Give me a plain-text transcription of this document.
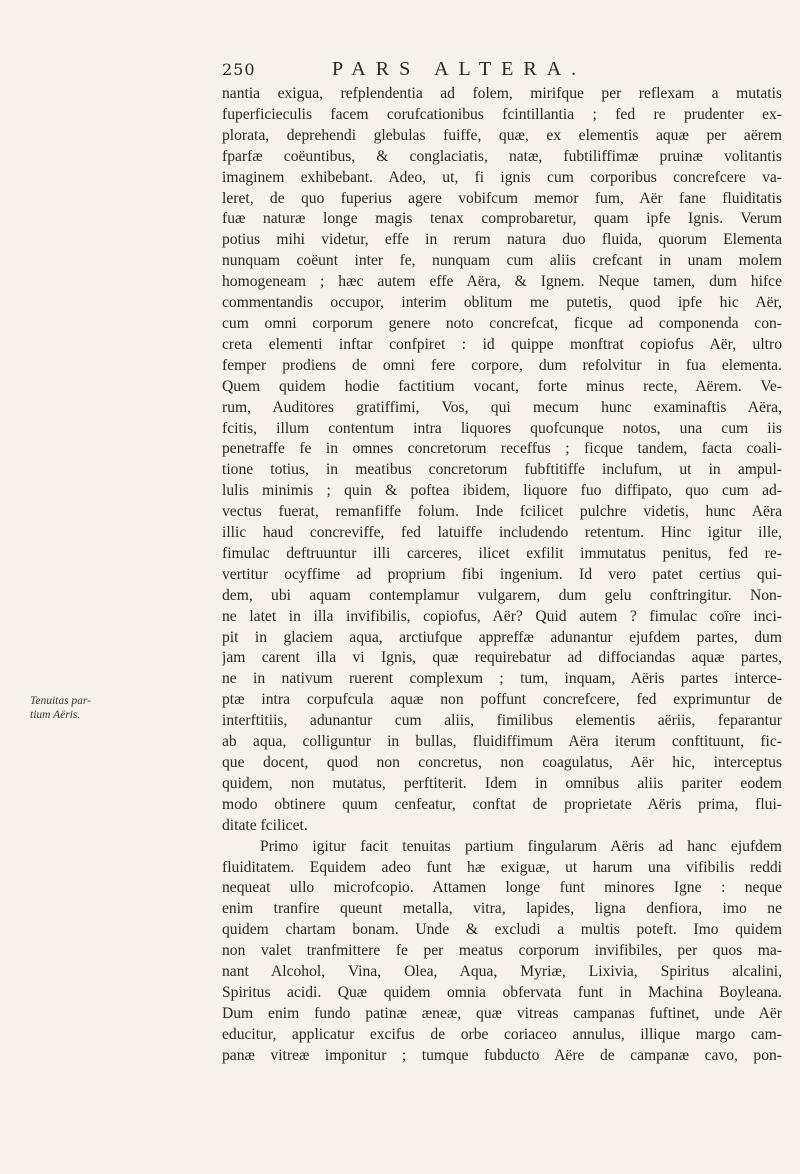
250	PARS ALTERA.
Tenuitas par-
tium Aëris.
nantia exigua, refplendentia ad folem, mirifque per reflexam a mutatis
fuperficieculis facem corufcationibus fcintillantia ; fed re prudenter ex-
plorata, deprehendi glebulas fuiffe, quæ, ex elementis aquæ per aërem
fparfæ coëuntibus, & conglaciatis, natæ, fubtiliffimæ pruinæ volitantis
imaginem exhibebant. Adeo, ut, fi ignis cum corporibus concrefcere va-
leret, de quo fuperius agere vobifcum memor fum, Aër fane fluiditatis
fuæ naturæ longe magis tenax comprobaretur, quam ipfe Ignis. Verum
potius mihi videtur, effe in rerum natura duo fluida, quorum Elementa
nunquam coëunt inter fe, nunquam cum aliis crefcant in unam molem
homogeneam ; hæc autem effe Aëra, & Ignem. Neque tamen, dum hifce
commentandis occupor, interim oblitum me putetis, quod ipfe hic Aër,
cum omni corporum genere noto concrefcat, ficque ad componenda con-
creta elementi inftar confpiret : id quippe monftrat copiofus Aër, ultro
femper prodiens de omni fere corpore, dum refolvitur in fua elementa.
Quem quidem hodie factitium vocant, forte minus recte, Aërem. Ve-
rum, Auditores gratiffimi, Vos, qui mecum hunc examinaftis Aëra,
fcitis, illum contentum intra liquores quofcunque notos, una cum iis
penetraffe fe in omnes concretorum receffus ; ficque tandem, facta coali-
tione totius, in meatibus concretorum fubftitiffe inclufum, ut in ampul-
lulis minimis ; quin & poftea ibidem, liquore fuo diffipato, quo cum ad-
vectus fuerat, remanfiffe folum. Inde fcilicet pulchre videtis, hunc Aëra
illic haud concreviffe, fed latuiffe includendo retentum. Hinc igitur ille,
fimulac deftruuntur illi carceres, ilicet exfilit immutatus penitus, fed re-
vertitur ocyffime ad proprium fibi ingenium. Id vero patet certius qui-
dem, ubi aquam contemplamur vulgarem, dum gelu conftringitur. Non-
ne latet in illa invifibilis, copiofus, Aër? Quid autem ? fimulac coïre inci-
pit in glaciem aqua, arctiufque appreffæ adunantur ejufdem partes, dum
jam carent illa vi Ignis, quæ requirebatur ad diffociandas aquæ partes,
ne in nativum ruerent complexum ; tum, inquam, Aëris partes interce-
ptæ intra corpufcula aquæ non poffunt concrefcere, fed exprimuntur de
interftitiis, adunantur cum aliis, fimilibus elementis aëriis, feparantur
ab aqua, colliguntur in bullas, fluidiffimum Aëra iterum conftituunt, fic-
que docent, quod non concretus, non coagulatus, Aër hic, interceptus
quidem, non mutatus, perftiterit. Idem in omnibus aliis pariter eodem
modo obtinere quum cenfeatur, conftat de proprietate Aëris prima, flui-
ditate fcilicet.
Primo igitur facit tenuitas partium fingularum Aëris ad hanc ejufdem
fluiditatem. Equidem adeo funt hæ exiguæ, ut harum una vifibilis reddi
nequeat ullo microfcopio. Attamen longe funt minores Igne : neque
enim tranfire queunt metalla, vitra, lapides, ligna denfiora, imo ne
quidem chartam bonam. Unde & excludi a multis poteft. Imo quidem
non valet tranfmittere fe per meatus corporum invifibiles, per quos ma-
nant Alcohol, Vina, Olea, Aqua, Myriæ, Lixivia, Spiritus alcalini,
Spiritus acidi. Quæ quidem omnia obfervata funt in Machina Boyleana.
Dum enim fundo patinæ æneæ, quæ vitreas campanas fuftinet, unde Aër
educitur, applicatur excifus de orbe coriaceo annulus, illique margo cam-
panæ vitreæ imponitur ; tumque fubducto Aëre de campanæ cavo, pon-
